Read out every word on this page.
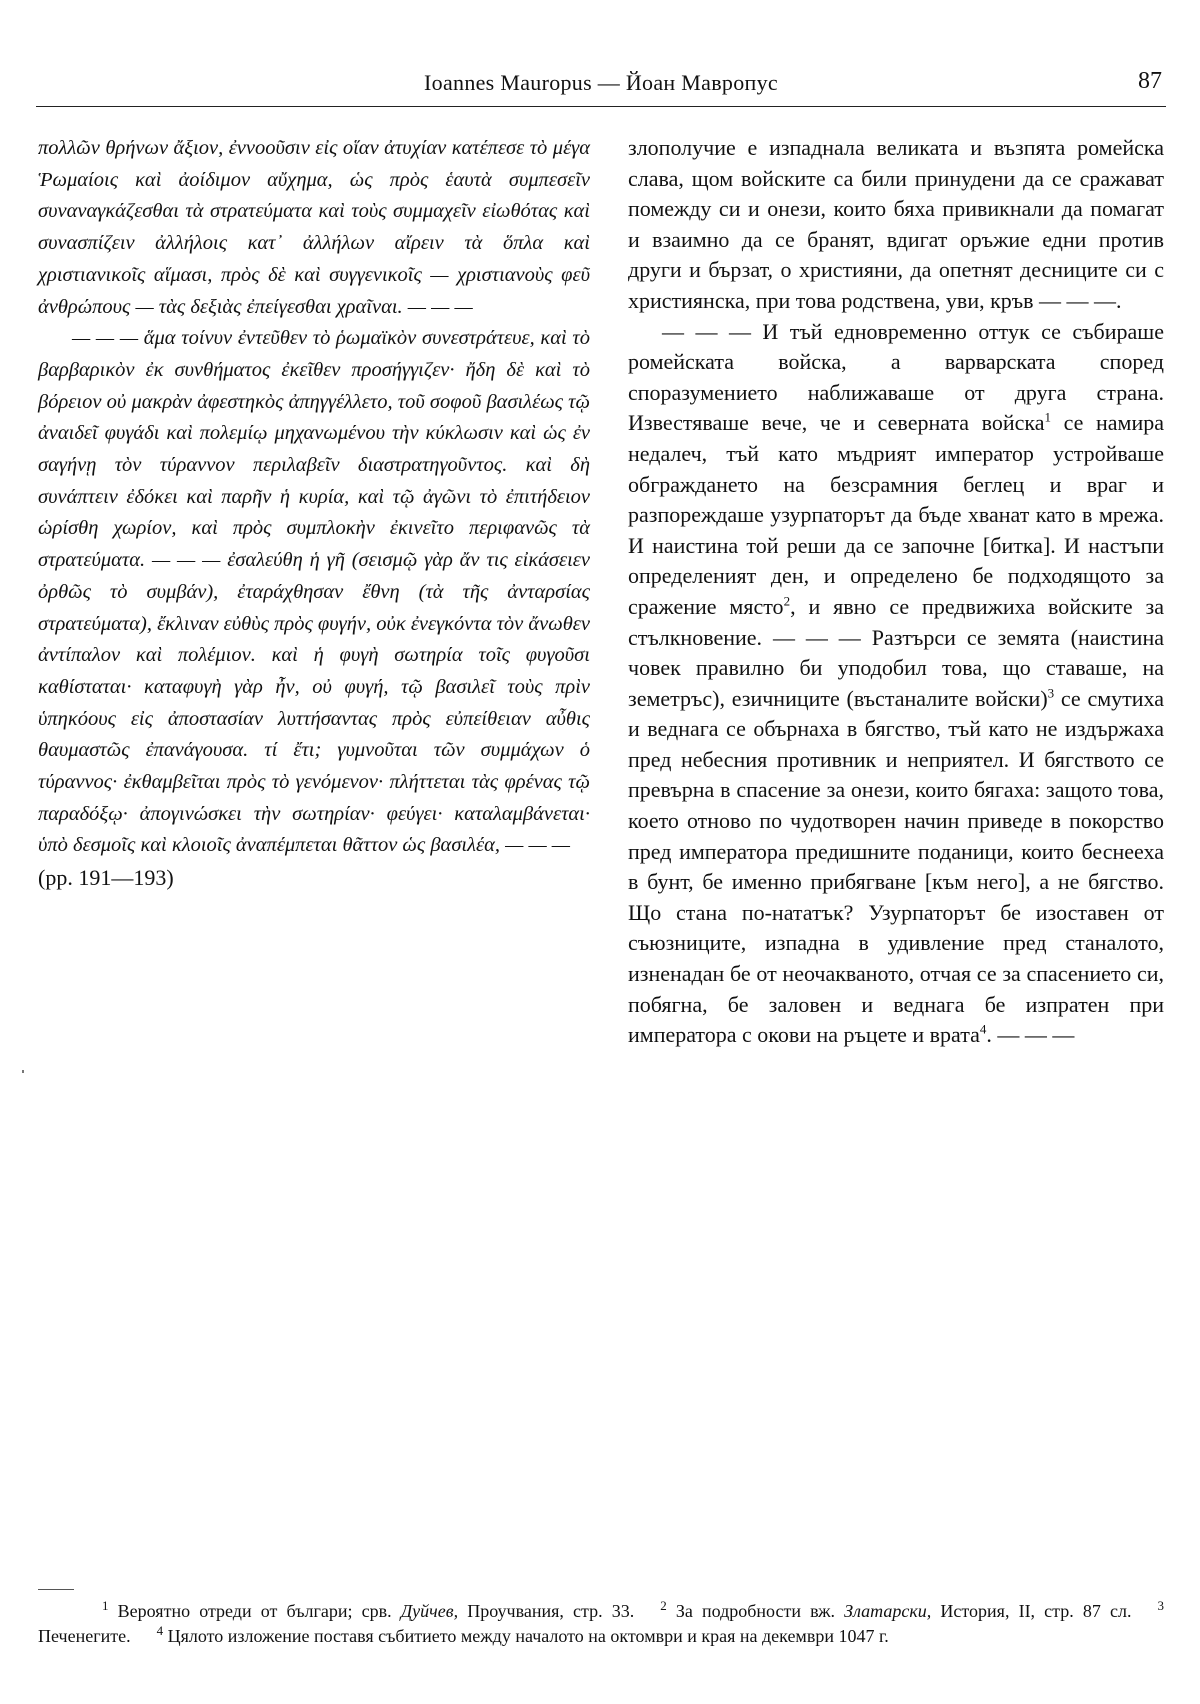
Ioannes Mauropus — Йоан Мавропус	87

πολλῶν θρήνων ἄξιον, ἐννοοῦσιν εἰς οἵαν ἀτυχίαν κατέπεσε τὸ μέγα Ῥωμαίοις καὶ ἀοίδιμον αὔχημα, ὡς πρὸς ἑαυτὰ συμπεσεῖν συναναγκάζεσθαι τὰ στρατεύματα καὶ τοὺς συμμαχεῖν εἰωθότας καὶ συνασπίζειν ἀλλήλοις κατ᾽ ἀλλήλων αἴρειν τὰ ὅπλα καὶ χριστιανικοῖς αἵμασι, πρὸς δὲ καὶ συγγενικοῖς — χριστιανοὺς φεῦ ἀνθρώπους — τὰς δεξιὰς ἐπείγεσθαι χραῖναι. — — —

— — — ἅμα τοίνυν ἐντεῦθεν τὸ ῥωμαϊκὸν συνεστράτευε, καὶ τὸ βαρβαρικὸν ἐκ συνθήματος ἐκεῖθεν προσήγγιζεν· ἤδη δὲ καὶ τὸ βόρειον οὐ μακρὰν ἀφεστηκὸς ἀπηγγέλλετο, τοῦ σοφοῦ βασιλέως τῷ ἀναιδεῖ φυγάδι καὶ πολεμίῳ μηχανωμένου τὴν κύκλωσιν καὶ ὡς ἐν σαγήνῃ τὸν τύραννον περιλαβεῖν διαστρατηγοῦντος. καὶ δὴ συνάπτειν ἐδόκει καὶ παρῆν ἡ κυρία, καὶ τῷ ἀγῶνι τὸ ἐπιτήδειον ὡρίσθη χωρίον, καὶ πρὸς συμπλοκὴν ἐκινεῖτο περιφανῶς τὰ στρατεύματα. — — — ἐσαλεύθη ἡ γῆ (σεισμῷ γὰρ ἄν τις εἰκάσειεν ὀρθῶς τὸ συμβάν), ἐταράχθησαν ἔθνη (τὰ τῆς ἀνταρσίας στρατεύματα), ἔκλιναν εὐθὺς πρὸς φυγήν, οὐκ ἐνεγκόντα τὸν ἄνωθεν ἀντίπαλον καὶ πολέμιον. καὶ ἡ φυγὴ σωτηρία τοῖς φυγοῦσι καθίσταται· καταφυγὴ γὰρ ἦν, οὐ φυγή, τῷ βασιλεῖ τοὺς πρὶν ὑπηκόους εἰς ἀποστασίαν λυττήσαντας πρὸς εὐπείθειαν αὖθις θαυμαστῶς ἐπανάγουσα. τί ἔτι; γυμνοῦται τῶν συμμάχων ὁ τύραννος· ἐκθαμβεῖται πρὸς τὸ γενόμενον· πλήττεται τὰς φρένας τῷ παραδόξῳ· ἀπογινώσκει τὴν σωτηρίαν· φεύγει· καταλαμβάνεται· ὑπὸ δεσμοῖς καὶ κλοιοῖς ἀναπέμπεται θᾶττον ὡς βασιλέα, — — —
(pp. 191—193)

злополучие е изпаднала великата и възпята ромейска слава, щом войските са били принудени да се сражават помежду си и онези, които бяха привикнали да помагат и взаимно да се бранят, вдигат оръжие едни против други и бързат, о християни, да опетнят десниците си с християнска, при това родствена, уви, кръв — — —.

— — — И тъй едновременно оттук се събираше ромейската войска, а варварската според споразумението наближаваше от друга страна. Известяваше вече, че и северната войска$^1$ се намира недалеч, тъй като мъдрият император устройваше обграждането на безсрамния беглец и враг и разпореждаше узурпаторът да бъде хванат като в мрежа. И наистина той реши да се започне [битка]. И настъпи определеният ден, и определено бе подходящото за сражение място$^2$, и явно се предвижиха войските за стълкновение. — — — Разтърси се земята (наистина човек правилно би уподобил това, що ставаше, на земетръс), езичниците (въстаналите войски)$^3$ се смутиха и веднага се обърнаха в бягство, тъй като не издържаха пред небесния противник и неприятел. И бягството се превърна в спасение за онези, които бягаха: защото това, което отново по чудотворен начин приведе в покорство пред императора предишните поданици, които беснееха в бунт, бе именно прибягване [към него], а не бягство. Що стана по-нататък? Узурпаторът бе изоставен от съюзниците, изпадна в удивление пред станалото, изненадан бе от неочакваното, отчая се за спасението си, побягна, бе заловен и веднага бе изпратен при императора с окови на ръцете и врата$^4$. — — —

$^1$ Вероятно отреди от българи; срв. Дуйчев, Проучвания, стр. 33. $^2$ За подробности вж. Златарски, История, II, стр. 87 сл. $^3$ Печенегите. $^4$ Цялото изложение поставя събитието между началото на октомври и края на декември 1047 г.
